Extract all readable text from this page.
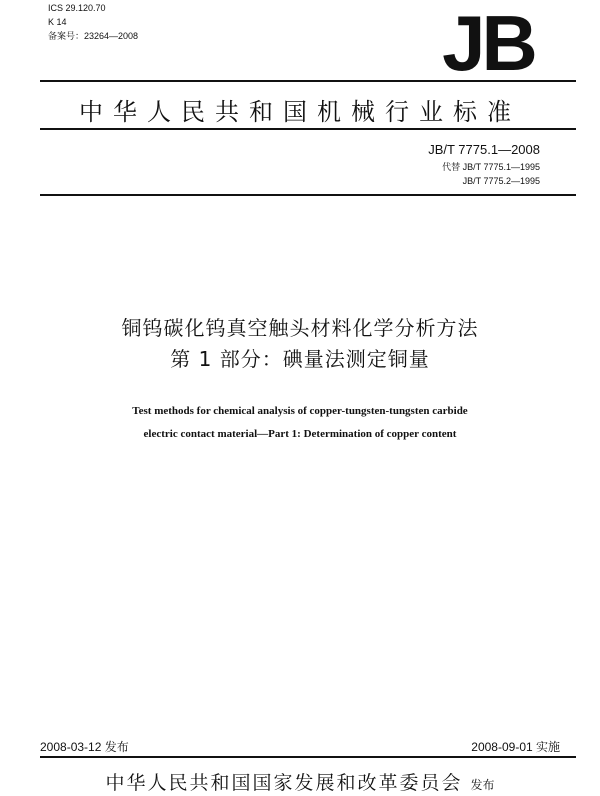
ICS 29.120.70
K 14
备案号：23264—2008	JB
中华人民共和国机械行业标准
JB/T 7775.1—2008
代替 JB/T 7775.1—1995
JB/T 7775.2—1995
铜钨碳化钨真空触头材料化学分析方法
第 1 部分：碘量法测定铜量
Test methods for chemical analysis of copper-tungsten-tungsten carbide
electric contact material—Part 1: Determination of copper content
2008-03-12 发布	2008-09-01 实施
中华人民共和国国家发展和改革委员会 发布
